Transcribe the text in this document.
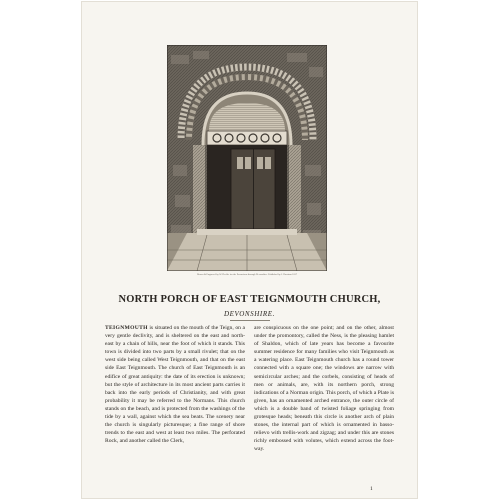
Drawn & Engraved by W. Deeble for the Excursions through Devonshire. Published by J. Harrison 1817
NORTH PORCH OF EAST TEIGNMOUTH CHURCH,
DEVONSHIRE.

TEIGNMOUTH is situated on the mouth of the Teign, on a very gentle declivity, and is sheltered on the east and north-east by a chain of hills, near the foot of which it stands. This town is divided into two parts by a small rivulet; that on the west side being called West Teignmouth, and that on the east side East Teignmouth. The church of East Teignmouth is an edifice of great antiquity: the date of its erection is unknown; but the style of architecture in its most ancient parts carries it back into the early periods of Christianity, and with great probability it may be referred to the Normans. This church stands on the beach, and is protected from the washings of the tide by a wall, against which the sea beats. The scenery near the church is singularly picturesque; a fine range of shore trends to the east and west at least two miles. The perforated Rock, and another called the Clerk,

are conspicuous on the one point; and on the other, almost under the promontory, called the Ness, is the pleasing hamlet of Shaldon, which of late years has become a favourite summer residence for many families who visit Teignmouth as a watering place. East Teignmouth church has a round tower connected with a square one; the windows are narrow with semicircular arches; and the corbels, consisting of heads of men or animals, are, with its northern porch, strong indications of a Norman origin. This porch, of which a Plate is given, has an ornamented arched entrance, the outer circle of which is a double band of twisted foliage springing from grotesque heads; beneath this circle is another arch of plain stones, the internal part of which is ornamented in basso-relievo with trellis-work and zigzag; and under this are stones richly embossed with volutes, which extend across the foot-way.

1
